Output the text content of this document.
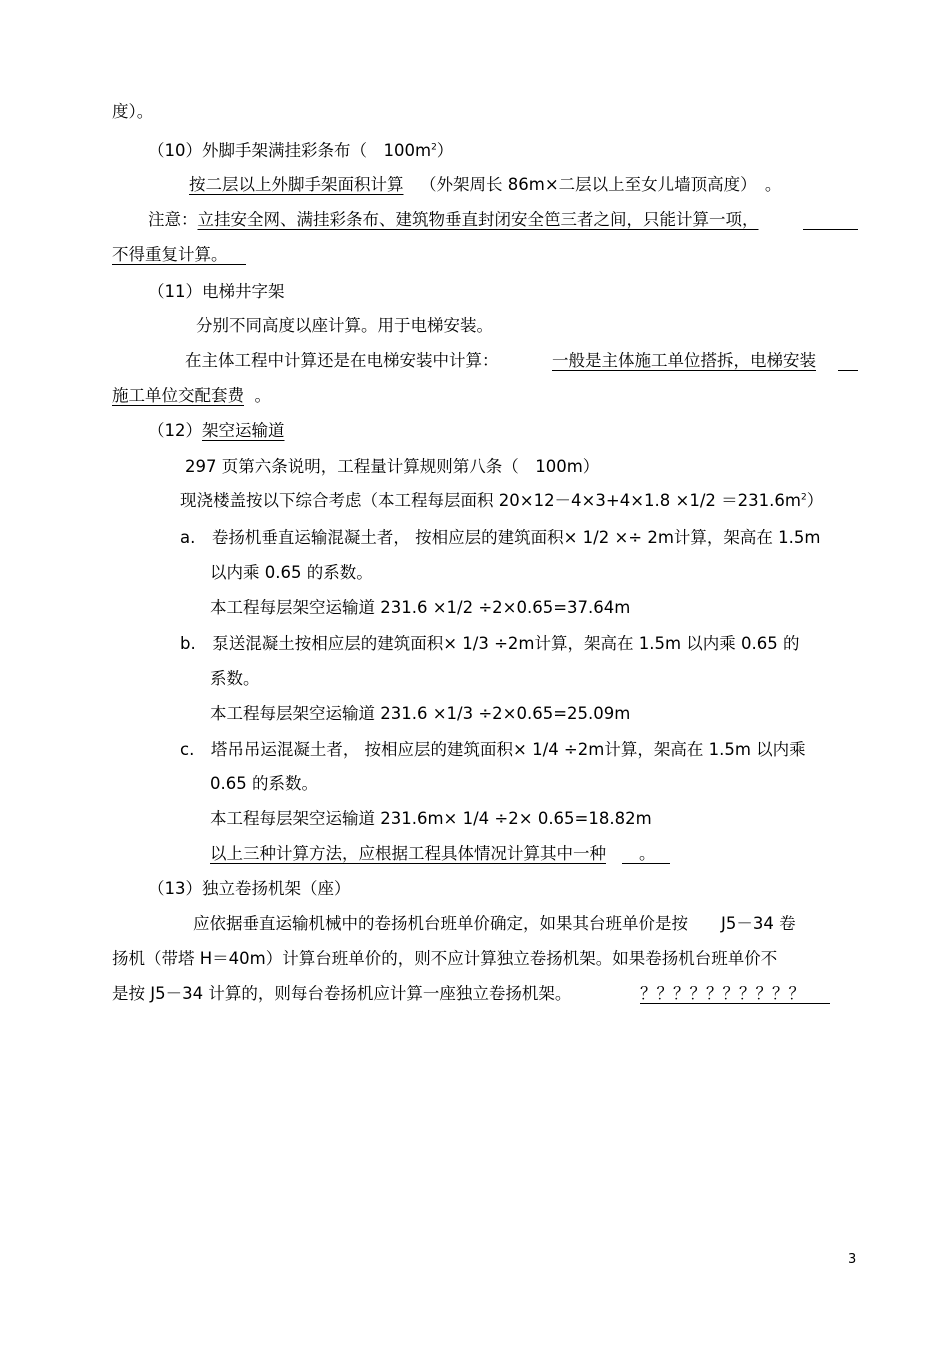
度）。

（10）外脚手架满挂彩条布（　$100m^2$）

按二层以上外脚手架面积计算  （外架周长 86m×二层以上至女儿墙顶高度）　。

注意：立挂安全网、满挂彩条布、建筑物垂直封闭安全笆三者之间，只能计算一项，

不得重复计算。

（11）电梯井字架

分别不同高度以座计算。用于电梯安装。

在主体工程中计算还是在电梯安装中计算：	一般是主体施工单位搭拆，电梯安装

施工单位交配套费 。

（12）架空运输道

297 页第六条说明，工程量计算规则第八条（　100m）

现浇楼盖按以下综合考虑（本工程每层面积 $20\times 12-4\times 3+4\times 1.8 \times 1/2 =231.6m^2$）

a.　卷扬机垂直运输混凝土者， 按相应层的建筑面积× 1/2 ×÷ 2m计算，架高在 1.5m

以内乘 0.65 的系数。

本工程每层架空运输道 231.6 ×1/2 ÷2×0.65=37.64m

b.　泵送混凝土按相应层的建筑面积× 1/3 ÷2m计算，架高在 1.5m 以内乘 0.65 的

系数。

本工程每层架空运输道 231.6 ×1/3 ÷2×0.65=25.09m

c.　塔吊吊运混凝土者， 按相应层的建筑面积× 1/4 ÷2m计算，架高在 1.5m 以内乘

0.65 的系数。

本工程每层架空运输道 231.6m× 1/4 ÷2× 0.65=18.82m

以上三种计算方法，应根据工程具体情况计算其中一种   。

（13）独立卷扬机架（座）

应依据垂直运输机械中的卷扬机台班单价确定，如果其台班单价是按　　J5－34 卷

扬机（带塔 H＝40m）计算台班单价的，则不应计算独立卷扬机架。如果卷扬机台班单价不

是按 J5－34 计算的，则每台卷扬机应计算一座独立卷扬机架。	？？？？？？？？？？

3
